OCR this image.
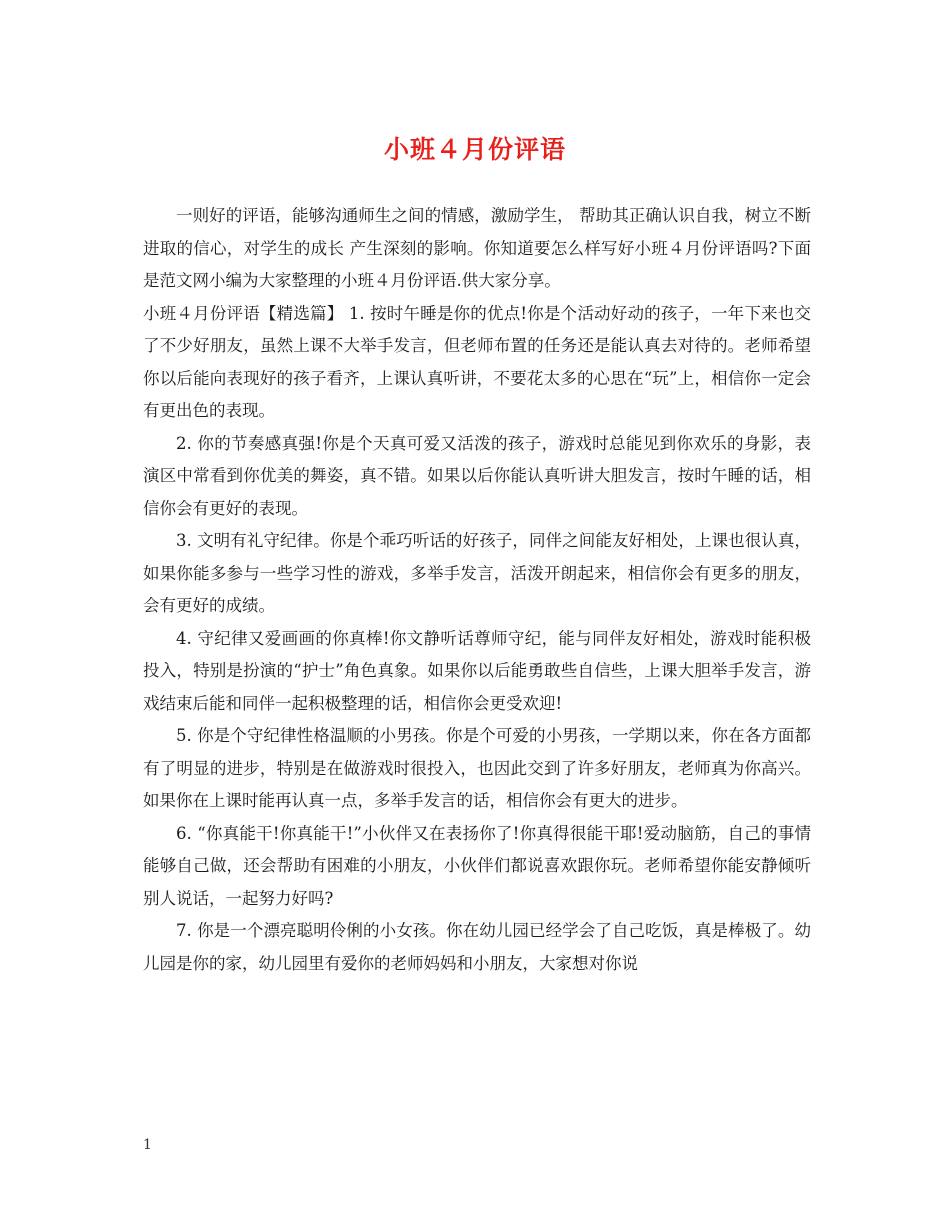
小班４月份评语

一则好的评语，能够沟通师生之间的情感，激励学生， 帮助其正确认识自我，树立不断进取的信心，对学生的成长 产生深刻的影响。你知道要怎么样写好小班４月份评语吗?下面是范文网小编为大家整理的小班４月份评语.供大家分享。

小班４月份评语【精选篇】 1. 按时午睡是你的优点!你是个活动好动的孩子，一年下来也交了不少好朋友，虽然上课不大举手发言，但老师布置的任务还是能认真去对待的。老师希望你以后能向表现好的孩子看齐，上课认真听讲，不要花太多的心思在“玩”上，相信你一定会有更出色的表现。

2. 你的节奏感真强!你是个天真可爱又活泼的孩子，游戏时总能见到你欢乐的身影，表演区中常看到你优美的舞姿，真不错。如果以后你能认真听讲大胆发言，按时午睡的话，相信你会有更好的表现。

3. 文明有礼守纪律。你是个乖巧听话的好孩子，同伴之间能友好相处，上课也很认真，如果你能多参与一些学习性的游戏，多举手发言，活泼开朗起来，相信你会有更多的朋友，会有更好的成绩。

4. 守纪律又爱画画的你真棒!你文静听话尊师守纪，能与同伴友好相处，游戏时能积极投入，特别是扮演的“护士”角色真象。如果你以后能勇敢些自信些，上课大胆举手发言，游戏结束后能和同伴一起积极整理的话，相信你会更受欢迎!

5. 你是个守纪律性格温顺的小男孩。你是个可爱的小男孩，一学期以来，你在各方面都有了明显的进步，特别是在做游戏时很投入，也因此交到了许多好朋友，老师真为你高兴。如果你在上课时能再认真一点，多举手发言的话，相信你会有更大的进步。

6. “你真能干!你真能干!”小伙伴又在表扬你了!你真得很能干耶!爱动脑筋，自己的事情能够自己做，还会帮助有困难的小朋友，小伙伴们都说喜欢跟你玩。老师希望你能安静倾听别人说话，一起努力好吗?

7. 你是一个漂亮聪明伶俐的小女孩。你在幼儿园已经学会了自己吃饭，真是棒极了。幼儿园是你的家，幼儿园里有爱你的老师妈妈和小朋友，大家想对你说

1
